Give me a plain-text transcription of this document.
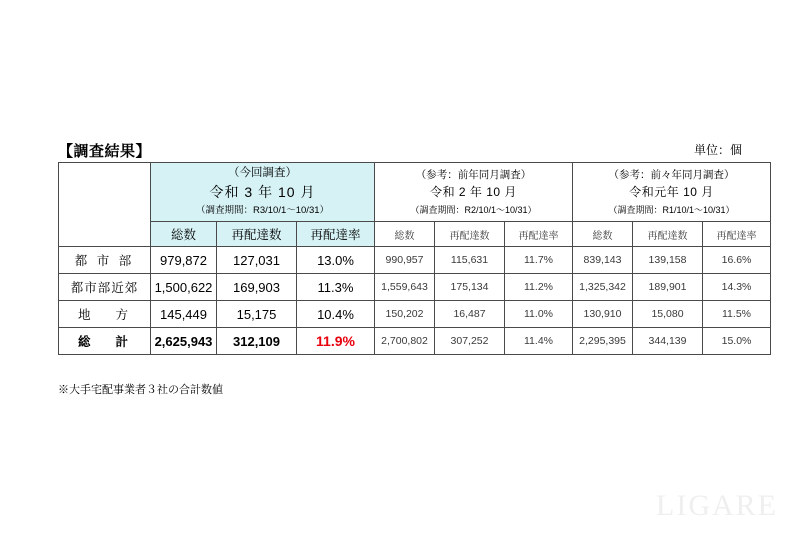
【調査結果】	単位：個

	（今回調査）
令和 3 年 10 月
（調査期間：R3/10/1～10/31）			（参考：前年同月調査）
令和 2 年 10 月
（調査期間：R2/10/1～10/31）			（参考：前々年同月調査）
令和元年 10 月
（調査期間：R1/10/1～10/31）		

	総数	再配達数	再配達率	総数	再配達数	再配達率	総数	再配達数	再配達率
都 市 部	979,872	127,031	13.0%	990,957	115,631	11.7%	839,143	139,158	16.6%
都市部近郊	1,500,622	169,903	11.3%	1,559,643	175,134	11.2%	1,325,342	189,901	14.3%
地　 方	145,449	15,175	10.4%	150,202	16,487	11.0%	130,910	15,080	11.5%
総　 計	2,625,943	312,109	11.9%	2,700,802	307,252	11.4%	2,295,395	344,139	15.0%
※大手宅配事業者３社の合計数値
LIGARE
